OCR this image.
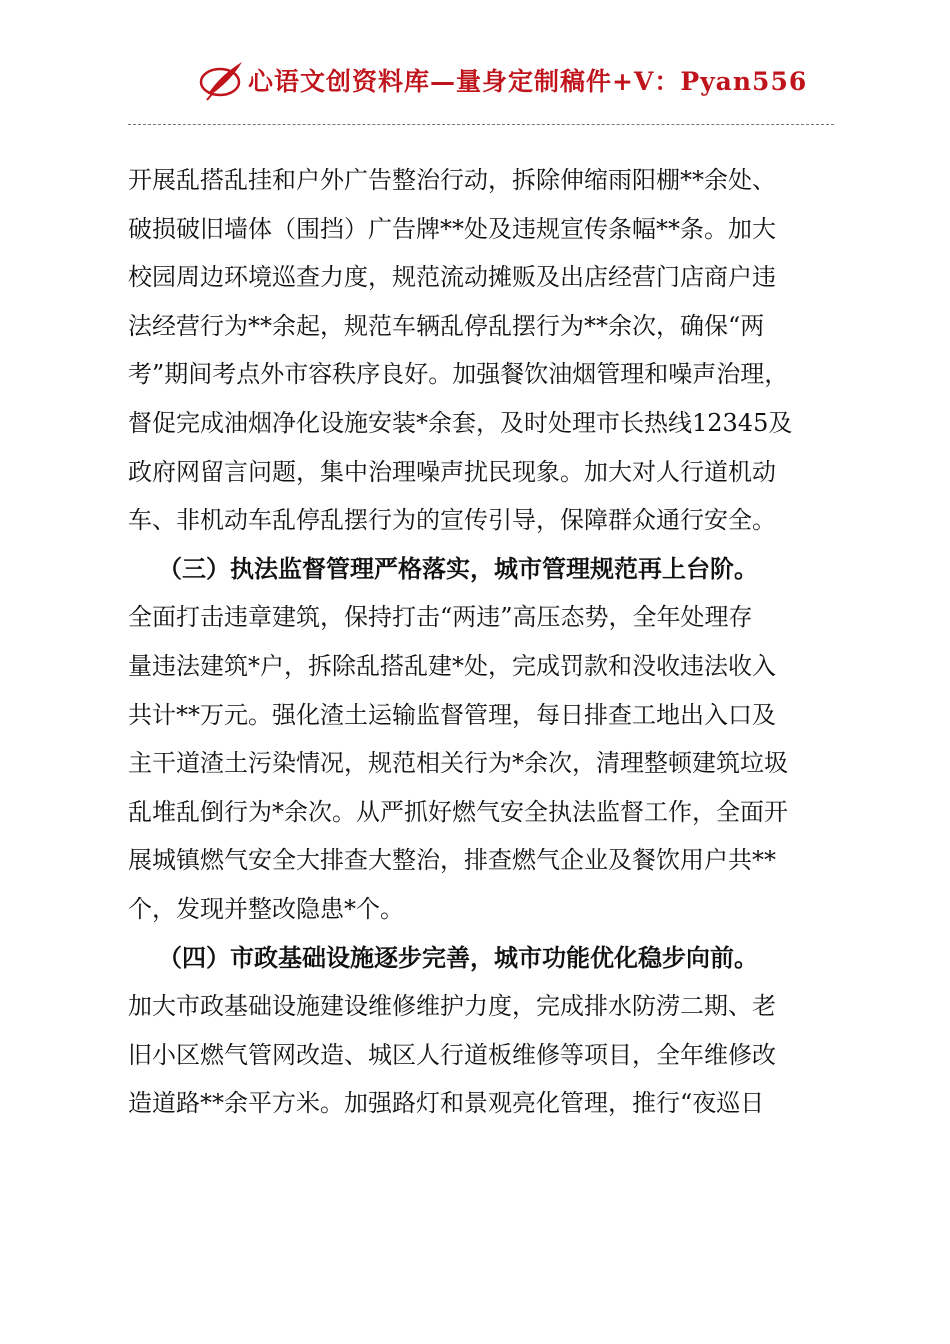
心语文创资料库—量身定制稿件+V：Pyan556
开展乱搭乱挂和户外广告整治行动，拆除伸缩雨阳棚**余处、
破损破旧墙体（围挡）广告牌**处及违规宣传条幅**条。加大
校园周边环境巡查力度，规范流动摊贩及出店经营门店商户违
法经营行为**余起，规范车辆乱停乱摆行为**余次，确保“两
考”期间考点外市容秩序良好。加强餐饮油烟管理和噪声治理，
督促完成油烟净化设施安装*余套，及时处理市长热线12345及
政府网留言问题，集中治理噪声扰民现象。加大对人行道机动
车、非机动车乱停乱摆行为的宣传引导，保障群众通行安全。
（三）执法监督管理严格落实，城市管理规范再上台阶。
全面打击违章建筑，保持打击“两违”高压态势，全年处理存
量违法建筑*户，拆除乱搭乱建*处，完成罚款和没收违法收入
共计**万元。强化渣土运输监督管理，每日排查工地出入口及
主干道渣土污染情况，规范相关行为*余次，清理整顿建筑垃圾
乱堆乱倒行为*余次。从严抓好燃气安全执法监督工作，全面开
展城镇燃气安全大排查大整治，排查燃气企业及餐饮用户共**
个，发现并整改隐患*个。
（四）市政基础设施逐步完善，城市功能优化稳步向前。
加大市政基础设施建设维修维护力度，完成排水防涝二期、老
旧小区燃气管网改造、城区人行道板维修等项目，全年维修改
造道路**余平方米。加强路灯和景观亮化管理，推行“夜巡日
